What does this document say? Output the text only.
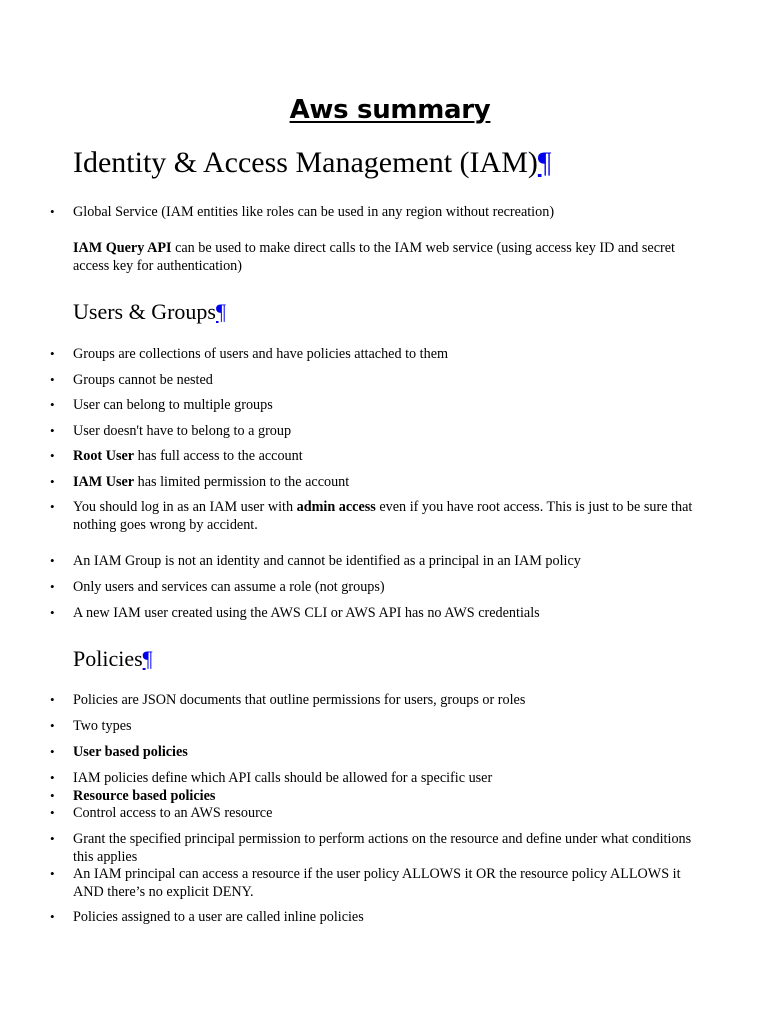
Aws summary
Identity & Access Management (IAM)¶
• Global Service (IAM entities like roles can be used in any region without recreation)
IAM Query API can be used to make direct calls to the IAM web service (using access key ID and secret access key for authentication)
Users & Groups¶
• Groups are collections of users and have policies attached to them
• Groups cannot be nested
• User can belong to multiple groups
• User doesn't have to belong to a group
• Root User has full access to the account
• IAM User has limited permission to the account
• You should log in as an IAM user with admin access even if you have root access. This is just to be sure that nothing goes wrong by accident.
• An IAM Group is not an identity and cannot be identified as a principal in an IAM policy
• Only users and services can assume a role (not groups)
• A new IAM user created using the AWS CLI or AWS API has no AWS credentials
Policies¶
• Policies are JSON documents that outline permissions for users, groups or roles
• Two types
• User based policies
• IAM policies define which API calls should be allowed for a specific user
• Resource based policies
• Control access to an AWS resource
• Grant the specified principal permission to perform actions on the resource and define under what conditions this applies
• An IAM principal can access a resource if the user policy ALLOWS it OR the resource policy ALLOWS it AND there’s no explicit DENY.
• Policies assigned to a user are called inline policies
